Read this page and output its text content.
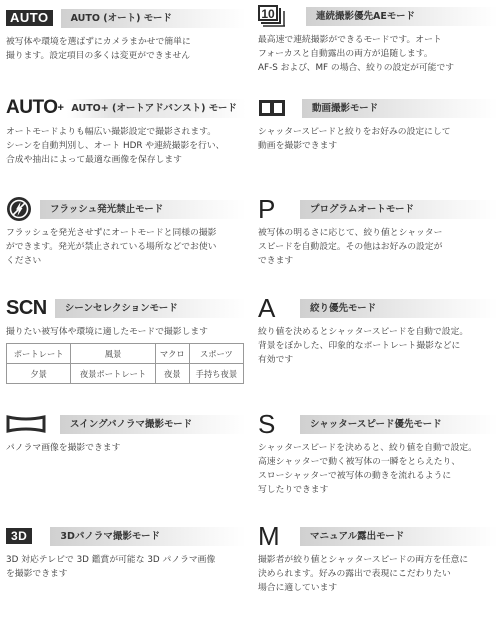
AUTO	AUTO (オート) モード

被写体や環境を選ばずにカメラまかせで簡単に

撮ります。設定項目の多くは変更ができません

AUTO + AUTO+ (オートアドバンスト) モード

オートモードよりも幅広い撮影設定で撮影されます。

シーンを自動判別し、オート HDR や連続撮影を行い、

合成や抽出によって最適な画像を保存します

フラッシュ発光禁止モード

フラッシュを発光させずにオートモードと同様の撮影

ができます。発光が禁止されている場所などでお使い

ください

SCN	シーンセレクションモード

撮りたい被写体や環境に適したモードで撮影します

ポートレート	風景	マクロ	スポーツ
夕景	夜景ポートレート	夜景	手持ち夜景
スイングパノラマ撮影モード

パノラマ画像を撮影できます

3D	3Dパノラマ撮影モード

3D 対応テレビで 3D 鑑賞が可能な 3D パノラマ画像

を撮影できます

10	連続撮影優先AEモード

最高速で連続撮影ができるモードです。オート

フォーカスと自動露出の両方が追随します。

AF-S および、MF の場合、絞りの設定が可能です

動画撮影モード

シャッタースピードと絞りをお好みの設定にして

動画を撮影できます

P	プログラムオートモード

被写体の明るさに応じて、絞り値とシャッター

スピードを自動設定。その他はお好みの設定が

できます

A	絞り優先モード

絞り値を決めるとシャッタースピードを自動で設定。

背景をぼかした、印象的なポートレート撮影などに

有効です

S	シャッタースピード優先モード

シャッタースピードを決めると、絞り値を自動で設定。

高速シャッターで動く被写体の一瞬をとらえたり、

スローシャッターで被写体の動きを流れるように

写したりできます

M	マニュアル露出モード

撮影者が絞り値とシャッタースピードの両方を任意に

決められます。好みの露出で表現にこだわりたい

場合に適しています
